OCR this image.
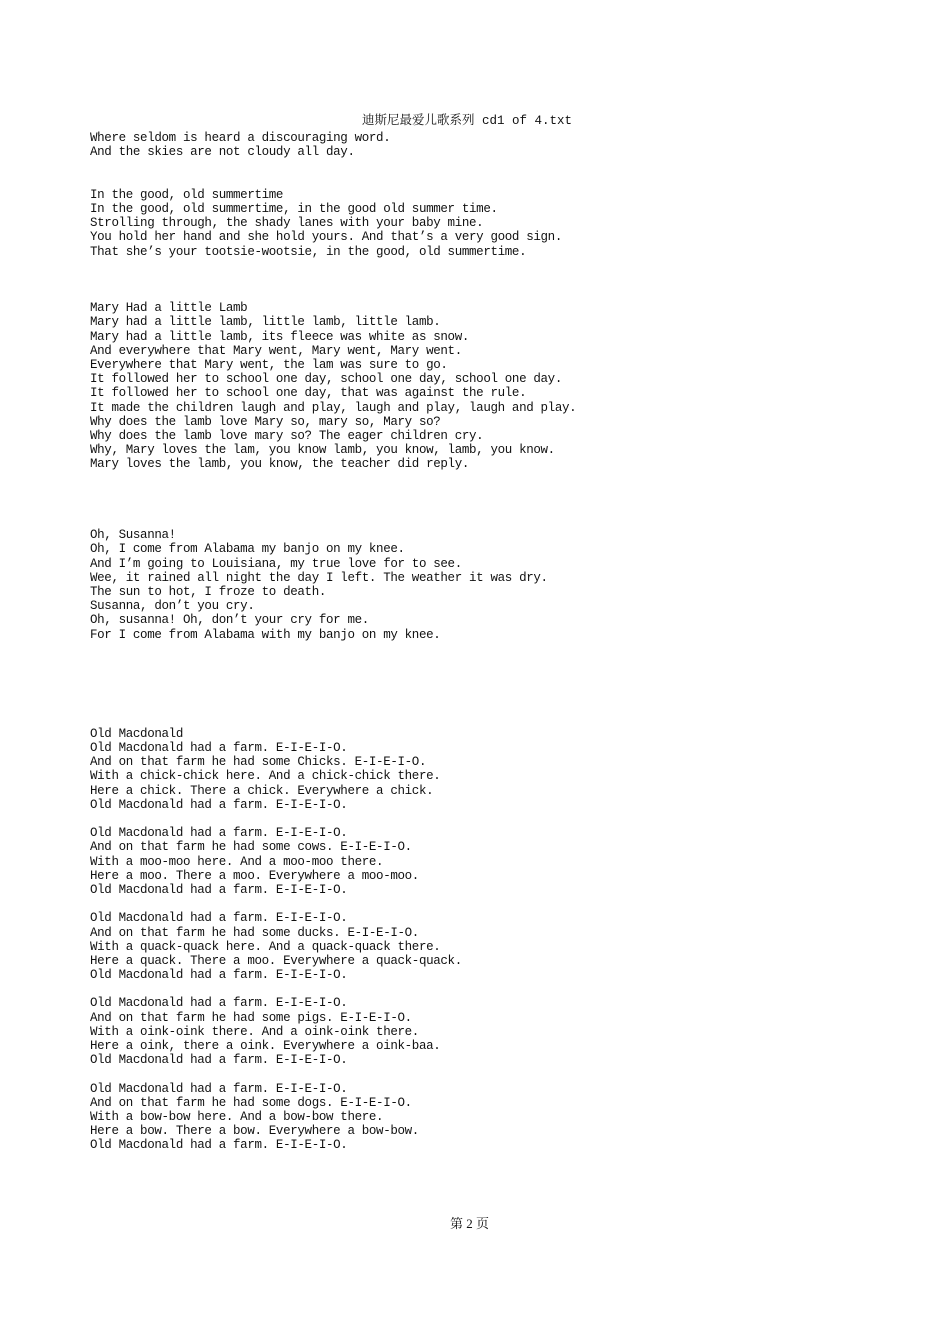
迪斯尼最爱儿歌系列 cd1 of 4.txt
Where seldom is heard a discouraging word.
And the skies are not cloudy all day.
In the good, old summertime
In the good, old summertime, in the good old summer time.
Strolling through, the shady lanes with your baby mine.
You hold her hand and she hold yours. And that’s a very good sign.
That she’s your tootsie-wootsie, in the good, old summertime.
Mary Had a little Lamb
Mary had a little lamb, little lamb, little lamb.
Mary had a little lamb, its fleece was white as snow.
And everywhere that Mary went, Mary went, Mary went.
Everywhere that Mary went, the lam was sure to go.
It followed her to school one day, school one day, school one day.
It followed her to school one day, that was against the rule.
It made the children laugh and play, laugh and play, laugh and play.
Why does the lamb love Mary so, mary so, Mary so?
Why does the lamb love mary so? The eager children cry.
Why, Mary loves the lam, you know lamb, you know, lamb, you know.
Mary loves the lamb, you know, the teacher did reply.
Oh, Susanna!
Oh, I come from Alabama my banjo on my knee.
And I’m going to Louisiana, my true love for to see.
Wee, it rained all night the day I left. The weather it was dry.
The sun to hot, I froze to death.
Susanna, don’t you cry.
Oh, susanna! Oh, don’t your cry for me.
For I come from Alabama with my banjo on my knee.
Old Macdonald
Old Macdonald had a farm. E-I-E-I-O.
And on that farm he had some Chicks. E-I-E-I-O.
With a chick-chick here. And a chick-chick there.
Here a chick. There a chick. Everywhere a chick.
Old Macdonald had a farm. E-I-E-I-O.
Old Macdonald had a farm. E-I-E-I-O.
And on that farm he had some cows. E-I-E-I-O.
With a moo-moo here. And a moo-moo there.
Here a moo. There a moo. Everywhere a moo-moo.
Old Macdonald had a farm. E-I-E-I-O.
Old Macdonald had a farm. E-I-E-I-O.
And on that farm he had some ducks. E-I-E-I-O.
With a quack-quack here. And a quack-quack there.
Here a quack. There a moo. Everywhere a quack-quack.
Old Macdonald had a farm. E-I-E-I-O.
Old Macdonald had a farm. E-I-E-I-O.
And on that farm he had some pigs. E-I-E-I-O.
With a oink-oink there. And a oink-oink there.
Here a oink, there a oink. Everywhere a oink-baa.
Old Macdonald had a farm. E-I-E-I-O.
Old Macdonald had a farm. E-I-E-I-O.
And on that farm he had some dogs. E-I-E-I-O.
With a bow-bow here. And a bow-bow there.
Here a bow. There a bow. Everywhere a bow-bow.
Old Macdonald had a farm. E-I-E-I-O.
第 2 页
